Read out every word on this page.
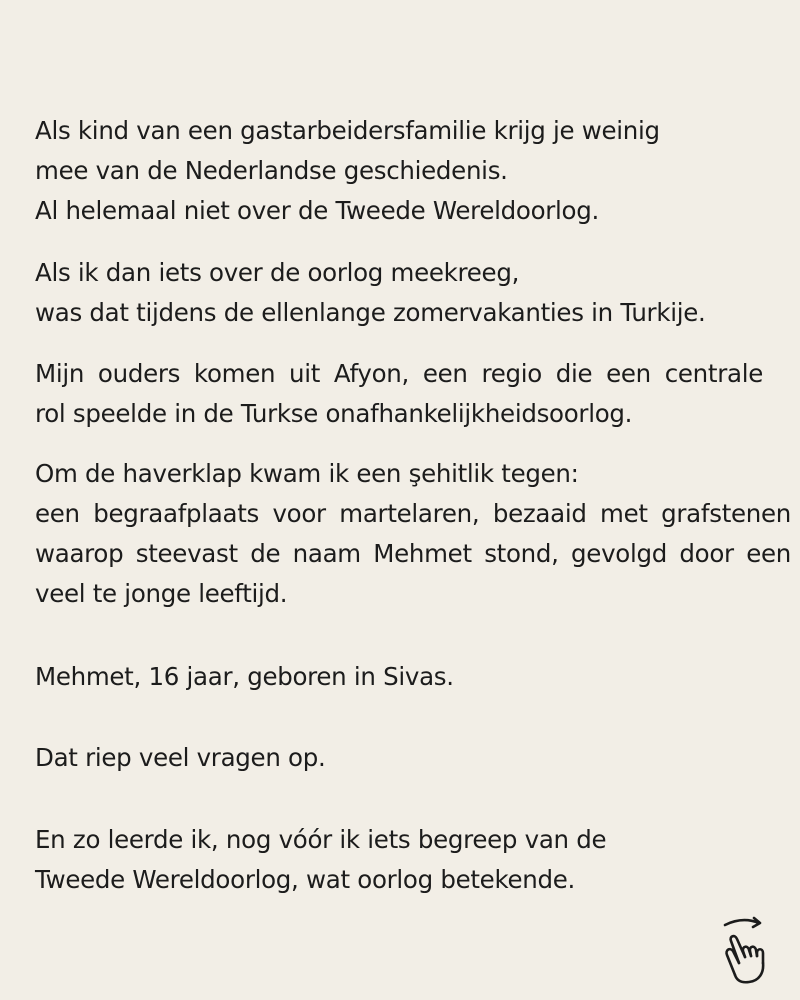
Als kind van een gastarbeidersfamilie krijg je weinig
mee van de Nederlandse geschiedenis.
Al helemaal niet over de Tweede Wereldoorlog.
Als ik dan iets over de oorlog meekreeg,
was dat tijdens de ellenlange zomervakanties in Turkije.
Mijn ouders komen uit Afyon, een regio die een centrale
rol speelde in de Turkse onafhankelijkheidsoorlog.
Om de haverklap kwam ik een şehitlik tegen:
een begraafplaats voor martelaren, bezaaid met grafstenen
waarop steevast de naam Mehmet stond, gevolgd door een
veel te jonge leeftijd.
Mehmet, 16 jaar, geboren in Sivas.
Dat riep veel vragen op.
En zo leerde ik, nog vóór ik iets begreep van de
Tweede Wereldoorlog, wat oorlog betekende.
